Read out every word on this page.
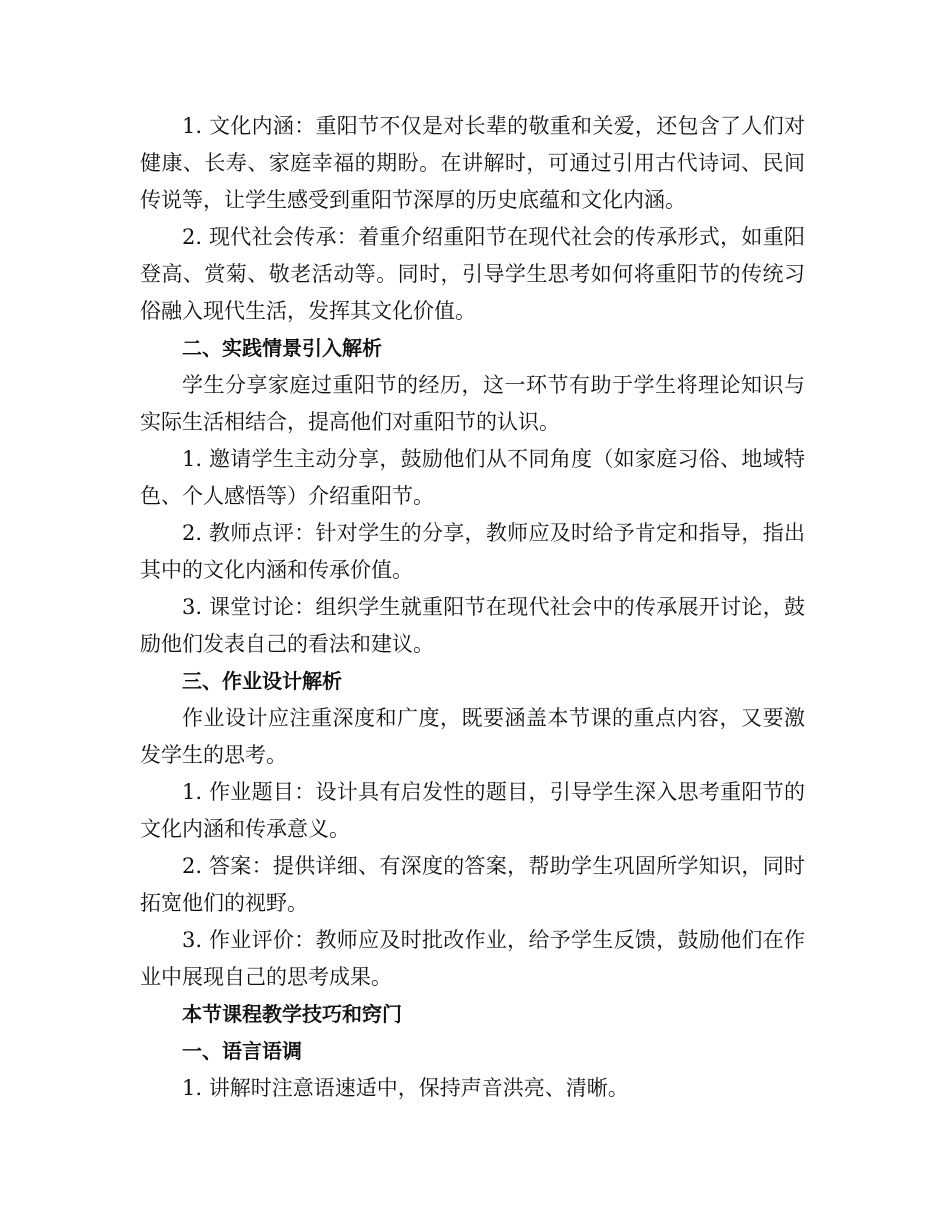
1. 文化内涵：重阳节不仅是对长辈的敬重和关爱，还包含了人们对健康、长寿、家庭幸福的期盼。在讲解时，可通过引用古代诗词、民间传说等，让学生感受到重阳节深厚的历史底蕴和文化内涵。

2. 现代社会传承：着重介绍重阳节在现代社会的传承形式，如重阳登高、赏菊、敬老活动等。同时，引导学生思考如何将重阳节的传统习俗融入现代生活，发挥其文化价值。

二、实践情景引入解析

学生分享家庭过重阳节的经历，这一环节有助于学生将理论知识与实际生活相结合，提高他们对重阳节的认识。

1. 邀请学生主动分享，鼓励他们从不同角度（如家庭习俗、地域特色、个人感悟等）介绍重阳节。

2. 教师点评：针对学生的分享，教师应及时给予肯定和指导，指出其中的文化内涵和传承价值。

3. 课堂讨论：组织学生就重阳节在现代社会中的传承展开讨论，鼓励他们发表自己的看法和建议。

三、作业设计解析

作业设计应注重深度和广度，既要涵盖本节课的重点内容，又要激发学生的思考。

1. 作业题目：设计具有启发性的题目，引导学生深入思考重阳节的文化内涵和传承意义。

2. 答案：提供详细、有深度的答案，帮助学生巩固所学知识，同时拓宽他们的视野。

3. 作业评价：教师应及时批改作业，给予学生反馈，鼓励他们在作业中展现自己的思考成果。

本节课程教学技巧和窍门

一、语言语调

1. 讲解时注意语速适中，保持声音洪亮、清晰。
